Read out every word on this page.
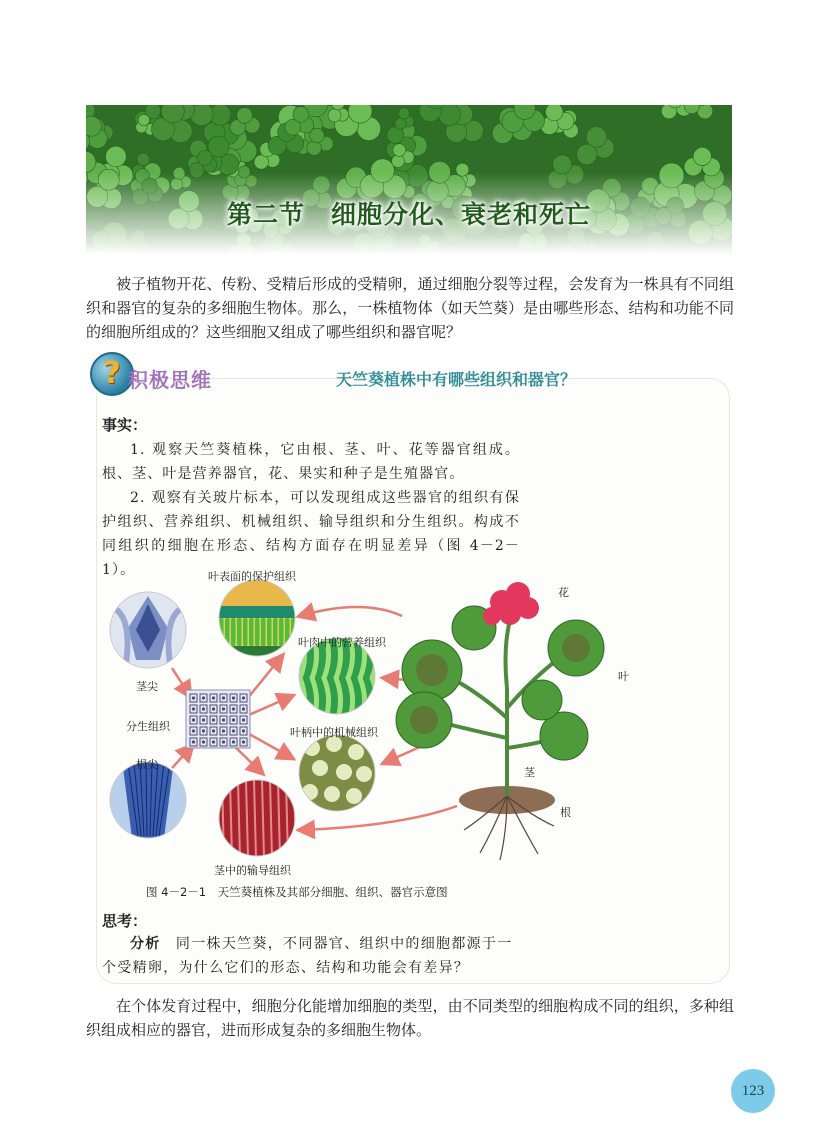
第二节　细胞分化、衰老和死亡

被子植物开花、传粉、受精后形成的受精卵，通过细胞分裂等过程，会发育为一株具有不同组织和器官的复杂的多细胞生物体。那么，一株植物体（如天竺葵）是由哪些形态、结构和功能不同的细胞所组成的？这些细胞又组成了哪些组织和器官呢？

? 积极思维	天竺葵植株中有哪些组织和器官？
事实：

1. 观察天竺葵植株，它由根、茎、叶、花等器官组成。根、茎、叶是营养器官，花、果实和种子是生殖器官。

2. 观察有关玻片标本，可以发现组成这些器官的组织有保护组织、营养组织、机械组织、输导组织和分生组织。构成不同组织的细胞在形态、结构方面存在明显差异（图 4－2－1）。	叶表面的保护组织
叶肉中的营养组织
叶柄中的机械组织
茎中的输导组织
茎尖
分生组织
根尖
花
叶
茎
根
图 4－2－1　天竺葵植株及其部分细胞、组织、器官示意图
思考：

分析　 同一株天竺葵，不同器官、组织中的细胞都源于一个受精卵，为什么它们的形态、结构和功能会有差异？

在个体发育过程中，细胞分化能增加细胞的类型，由不同类型的细胞构成不同的组织，多种组织组成相应的器官，进而形成复杂的多细胞生物体。

123
